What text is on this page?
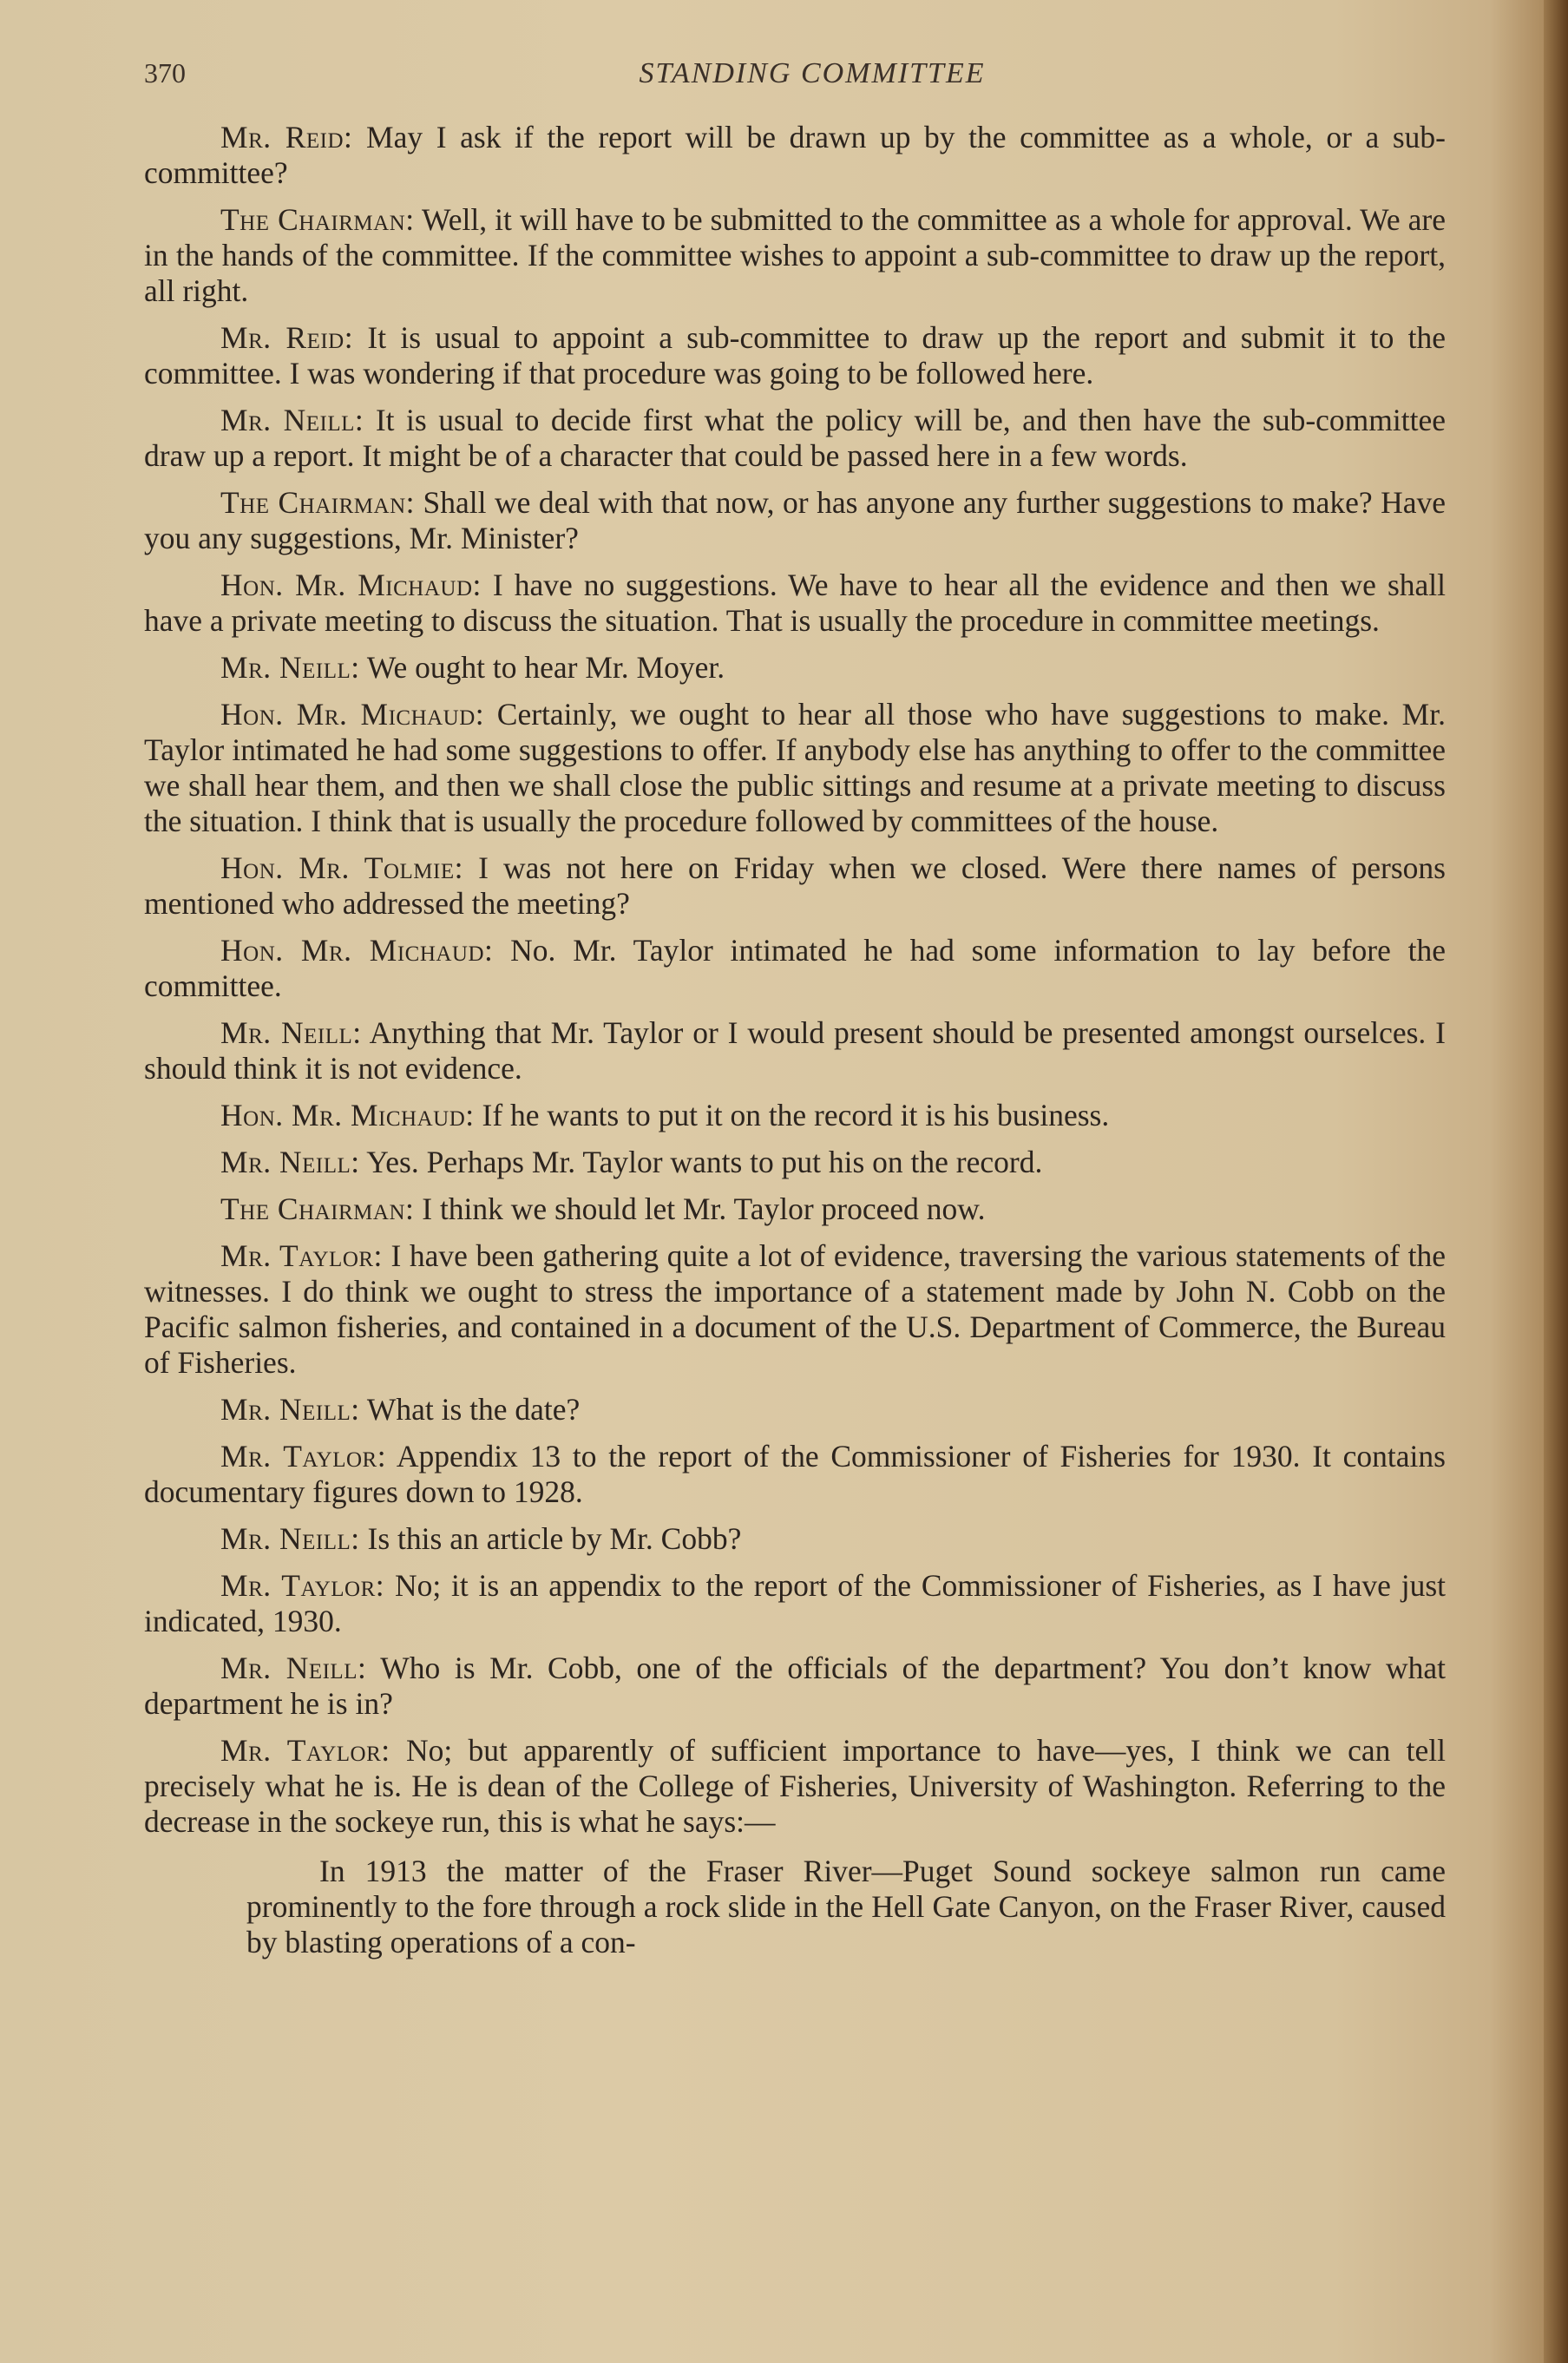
370	STANDING COMMITTEE

Mr. Reid: May I ask if the report will be drawn up by the committee as a whole, or a sub-committee?

The Chairman: Well, it will have to be submitted to the committee as a whole for approval. We are in the hands of the committee. If the committee wishes to appoint a sub-committee to draw up the report, all right.

Mr. Reid: It is usual to appoint a sub-committee to draw up the report and submit it to the committee. I was wondering if that procedure was going to be followed here.

Mr. Neill: It is usual to decide first what the policy will be, and then have the sub-committee draw up a report. It might be of a character that could be passed here in a few words.

The Chairman: Shall we deal with that now, or has anyone any further suggestions to make? Have you any suggestions, Mr. Minister?

Hon. Mr. Michaud: I have no suggestions. We have to hear all the evidence and then we shall have a private meeting to discuss the situation. That is usually the procedure in committee meetings.

Mr. Neill: We ought to hear Mr. Moyer.

Hon. Mr. Michaud: Certainly, we ought to hear all those who have suggestions to make. Mr. Taylor intimated he had some suggestions to offer. If anybody else has anything to offer to the committee we shall hear them, and then we shall close the public sittings and resume at a private meeting to discuss the situation. I think that is usually the procedure followed by committees of the house.

Hon. Mr. Tolmie: I was not here on Friday when we closed. Were there names of persons mentioned who addressed the meeting?

Hon. Mr. Michaud: No. Mr. Taylor intimated he had some information to lay before the committee.

Mr. Neill: Anything that Mr. Taylor or I would present should be presented amongst ourselces. I should think it is not evidence.

Hon. Mr. Michaud: If he wants to put it on the record it is his business.

Mr. Neill: Yes. Perhaps Mr. Taylor wants to put his on the record.

The Chairman: I think we should let Mr. Taylor proceed now.

Mr. Taylor: I have been gathering quite a lot of evidence, traversing the various statements of the witnesses. I do think we ought to stress the importance of a statement made by John N. Cobb on the Pacific salmon fisheries, and contained in a document of the U.S. Department of Commerce, the Bureau of Fisheries.

Mr. Neill: What is the date?

Mr. Taylor: Appendix 13 to the report of the Commissioner of Fisheries for 1930. It contains documentary figures down to 1928.

Mr. Neill: Is this an article by Mr. Cobb?

Mr. Taylor: No; it is an appendix to the report of the Commissioner of Fisheries, as I have just indicated, 1930.

Mr. Neill: Who is Mr. Cobb, one of the officials of the department? You don’t know what department he is in?

Mr. Taylor: No; but apparently of sufficient importance to have—yes, I think we can tell precisely what he is. He is dean of the College of Fisheries, University of Washington. Referring to the decrease in the sockeye run, this is what he says:—

In 1913 the matter of the Fraser River—Puget Sound sockeye salmon run came prominently to the fore through a rock slide in the Hell Gate Canyon, on the Fraser River, caused by blasting operations of a con-
